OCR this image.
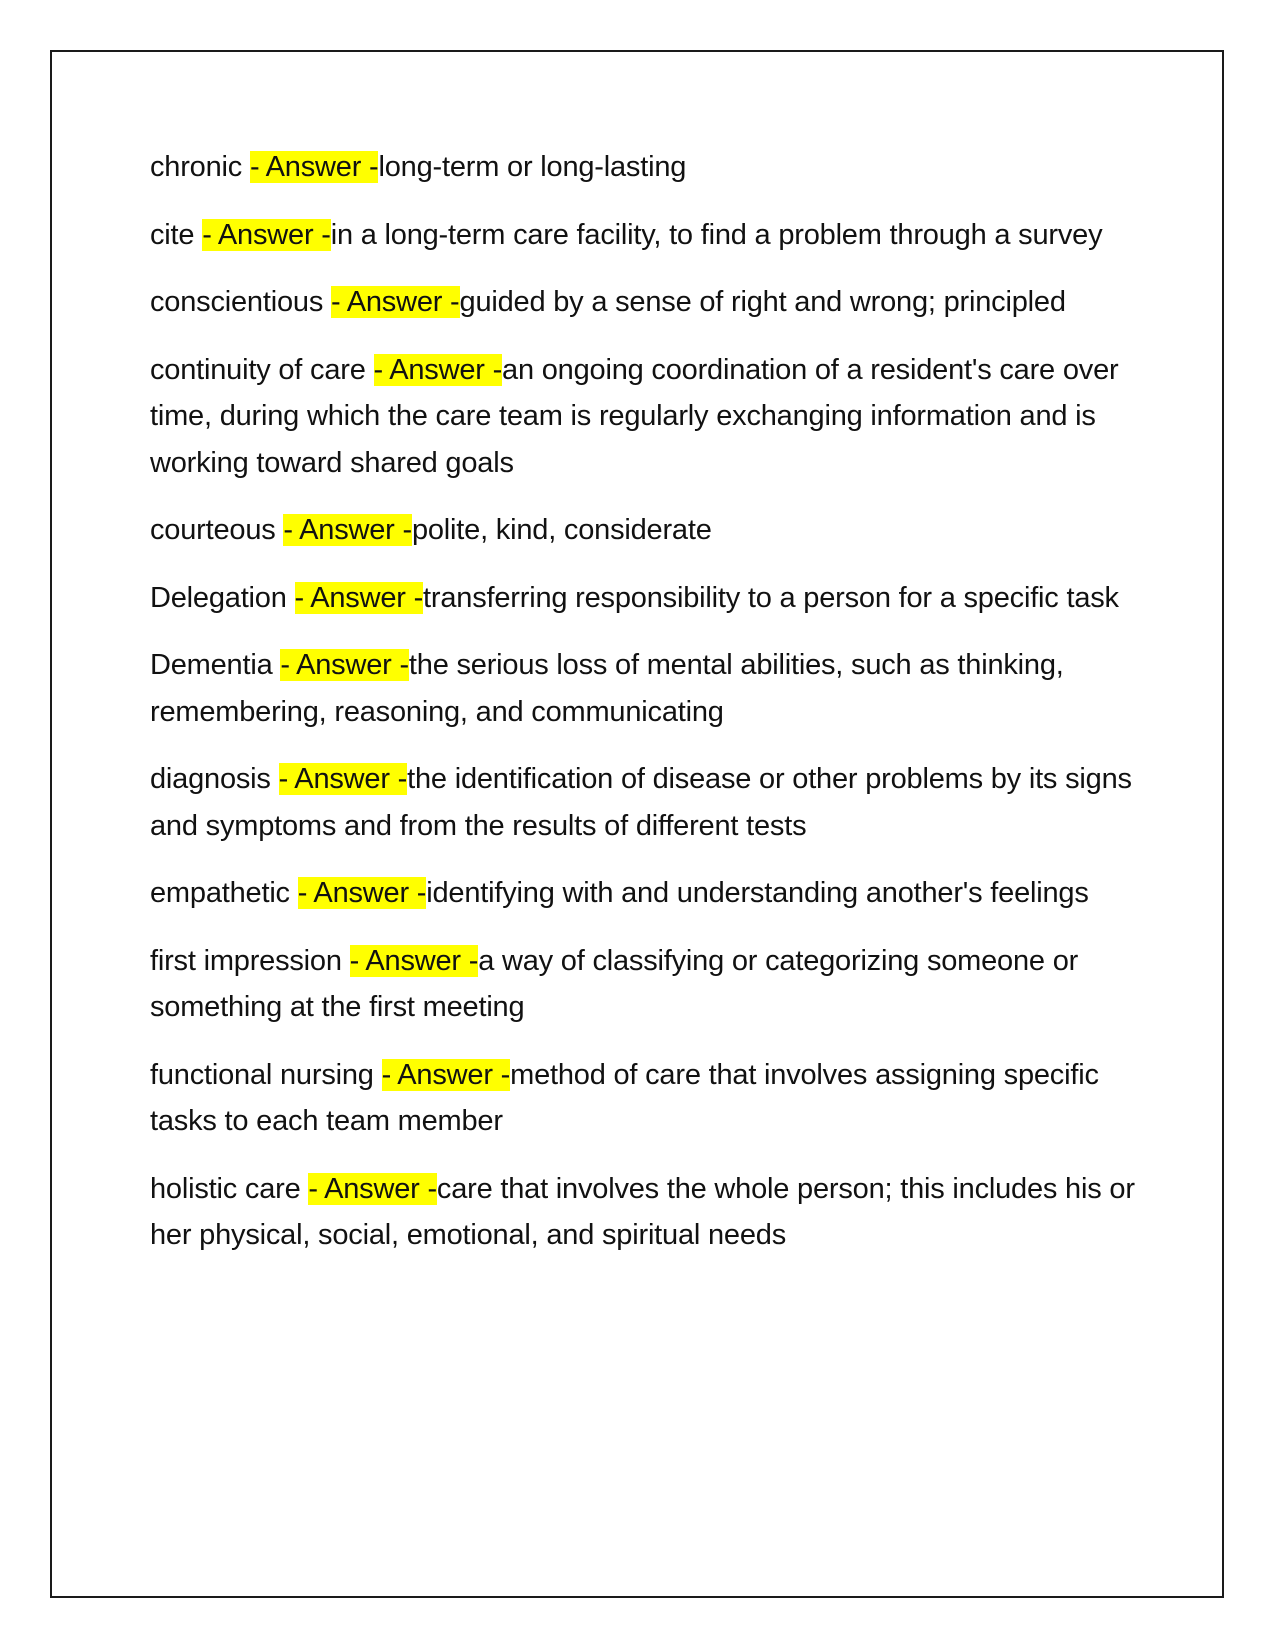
chronic - Answer -long-term or long-lasting

cite - Answer -in a long-term care facility, to find a problem through a survey

conscientious - Answer -guided by a sense of right and wrong; principled

continuity of care - Answer -an ongoing coordination of a resident's care over time, during which the care team is regularly exchanging information and is working toward shared goals

courteous - Answer -polite, kind, considerate

Delegation - Answer -transferring responsibility to a person for a specific task

Dementia - Answer -the serious loss of mental abilities, such as thinking, remembering, reasoning, and communicating

diagnosis - Answer -the identification of disease or other problems by its signs and symptoms and from the results of different tests

empathetic - Answer -identifying with and understanding another's feelings

first impression - Answer -a way of classifying or categorizing someone or something at the first meeting

functional nursing - Answer -method of care that involves assigning specific tasks to each team member

holistic care - Answer -care that involves the whole person; this includes his or her physical, social, emotional, and spiritual needs
